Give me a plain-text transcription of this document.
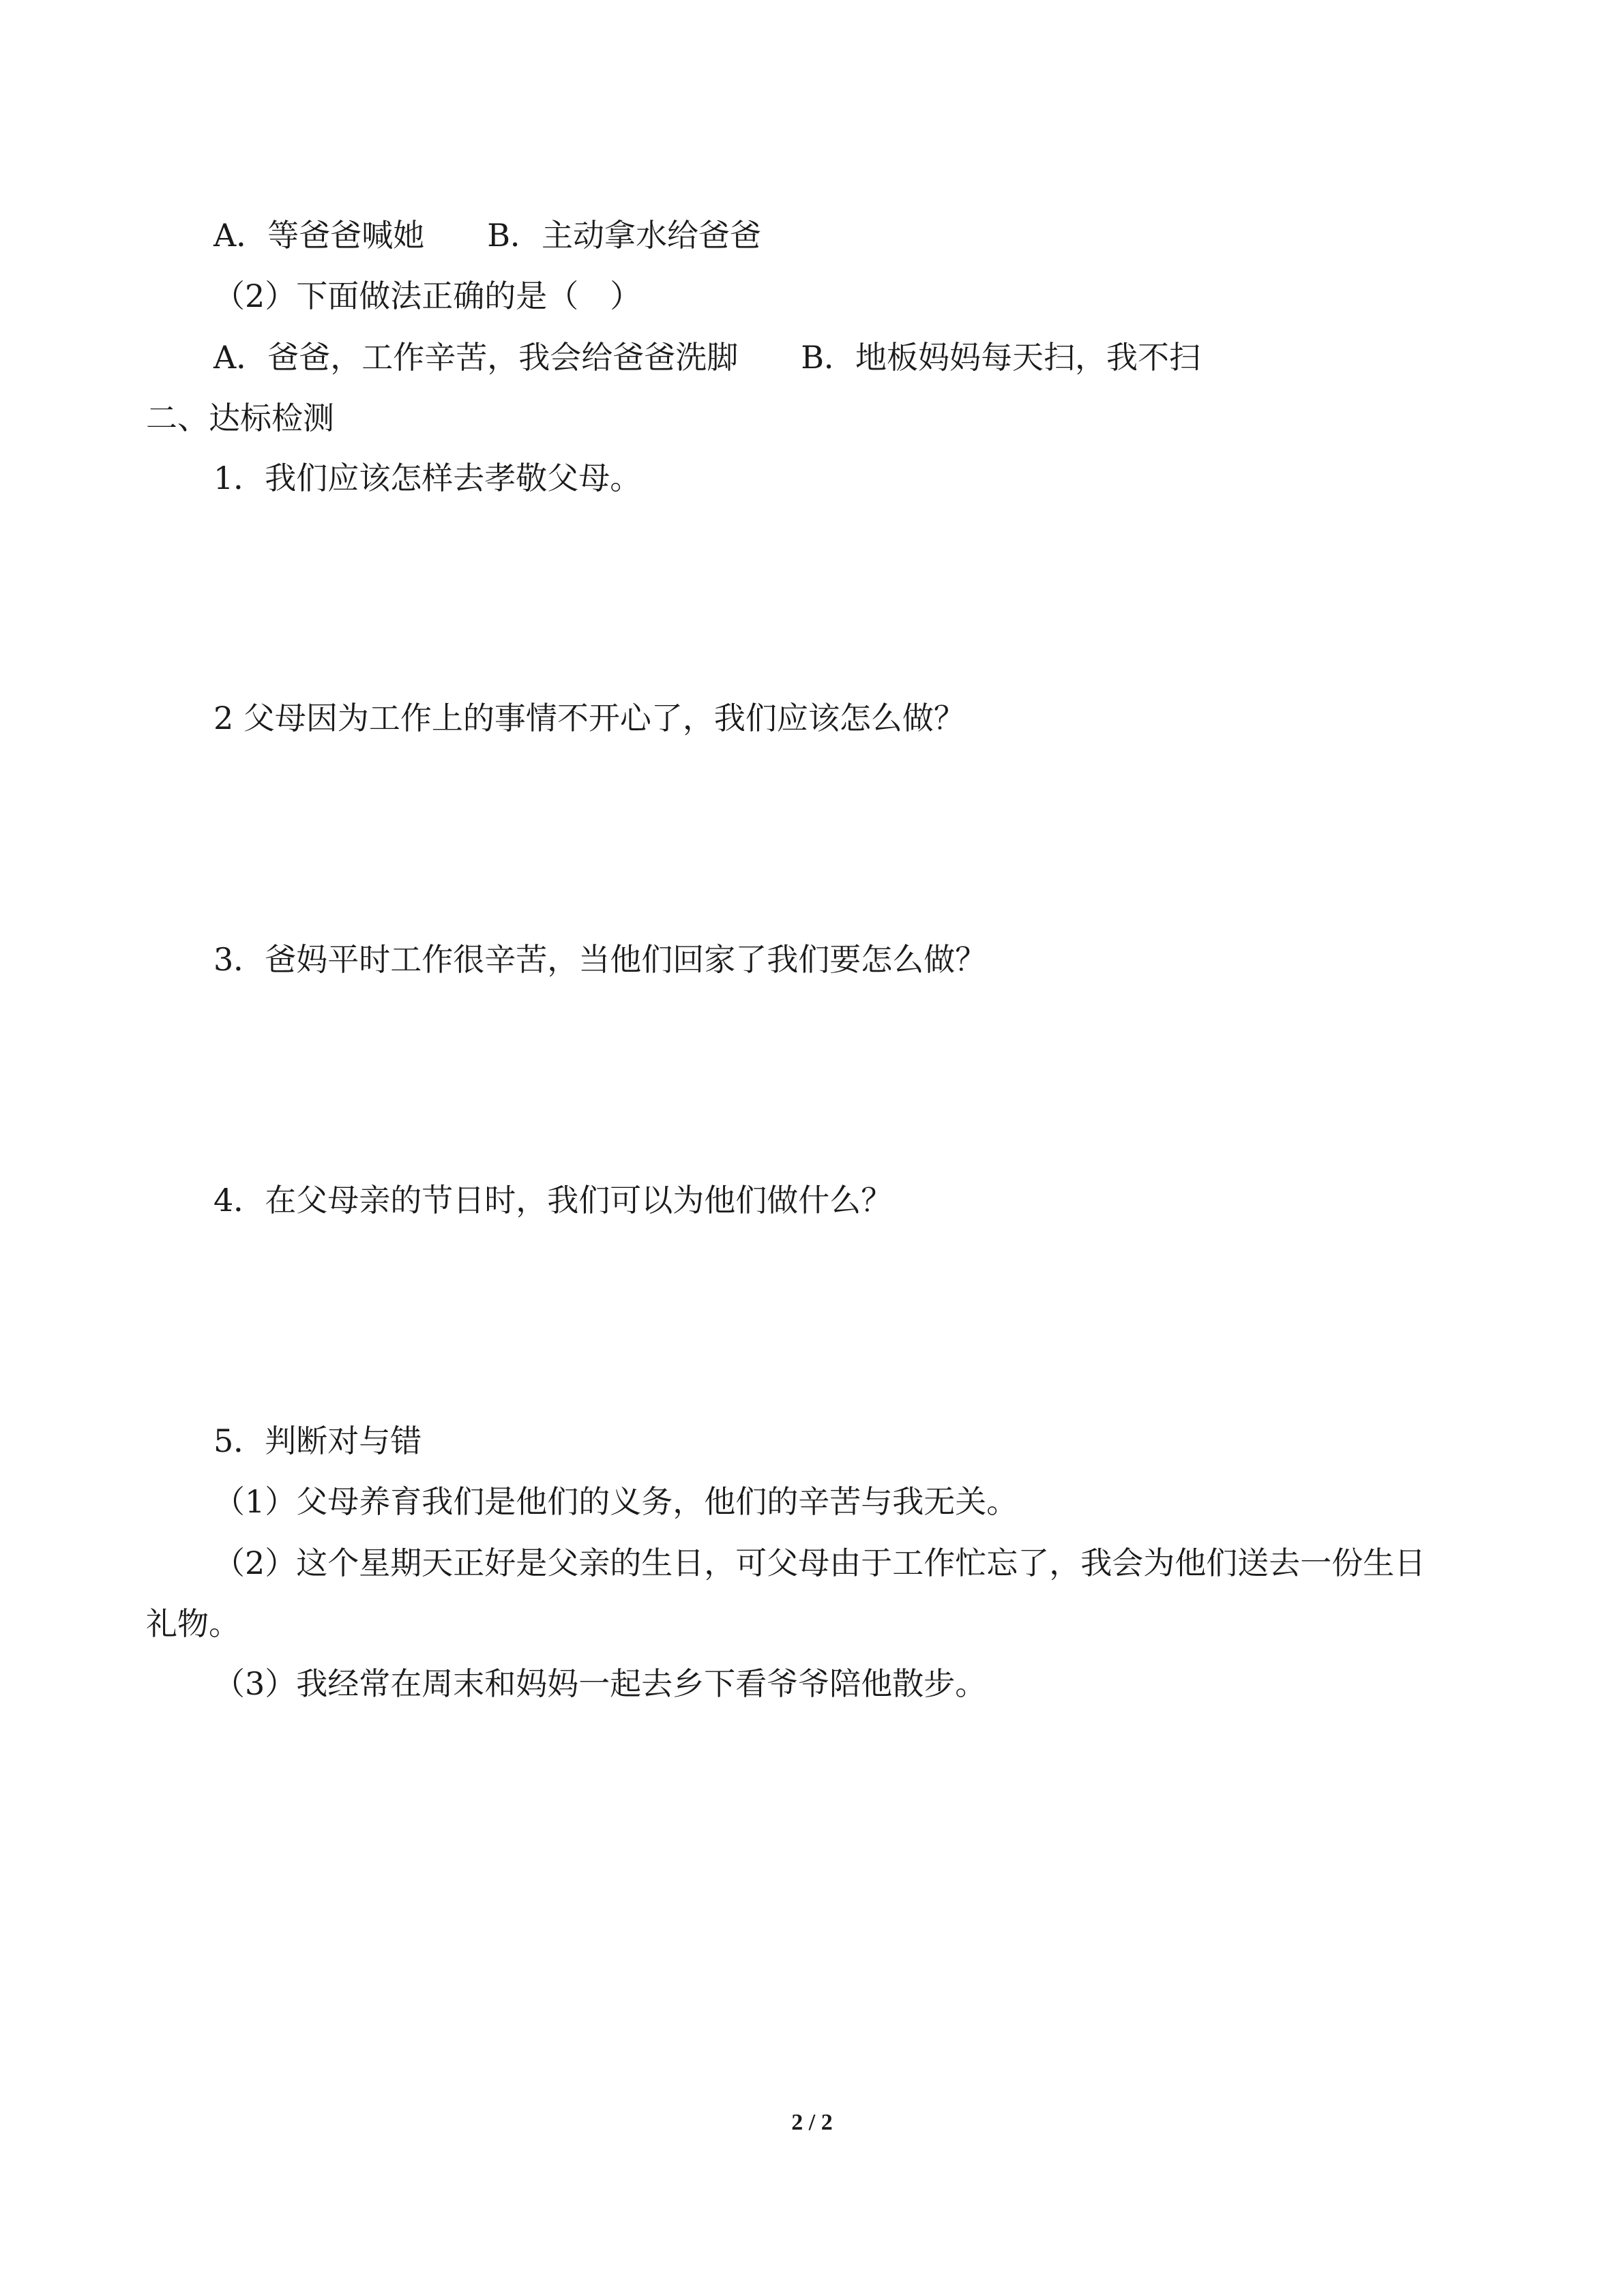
A．等爸爸喊她 B．主动拿水给爸爸
（2）下面做法正确的是（　）
A．爸爸，工作辛苦，我会给爸爸洗脚 B．地板妈妈每天扫，我不扫
二、达标检测
1．我们应该怎样去孝敬父母。
2 父母因为工作上的事情不开心了，我们应该怎么做？
3．爸妈平时工作很辛苦，当他们回家了我们要怎么做？
4．在父母亲的节日时，我们可以为他们做什么？
5．判断对与错
（1）父母养育我们是他们的义务，他们的辛苦与我无关。
（2）这个星期天正好是父亲的生日，可父母由于工作忙忘了，我会为他们送去一份生日
礼物。
（3）我经常在周末和妈妈一起去乡下看爷爷陪他散步。
2 / 2
